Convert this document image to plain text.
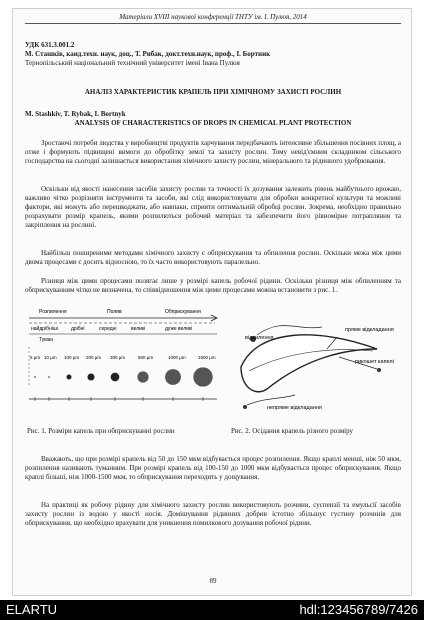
Матеріали XVIII наукової конференції ТНТУ ім. І. Пулюя, 2014
УДК 631.3.001.2
М. Сташків, канд.техн. наук, доц., Т. Рибак, докт.техн.наук, проф., І. Бортник
Тернопільський національний технічний університет імені Івана Пулюя
АНАЛІЗ ХАРАКТЕРИСТИК КРАПЕЛЬ ПРИ ХІМІЧНОМУ ЗАХИСТІ РОСЛИН
M. Stashkiv, T. Rybak, I. Bortnyk
ANALYSIS OF CHARACTERISTICS OF DROPS IN CHEMICAL PLANT PROTECTION
Зростаючі потреби людства у виробництві продуктів харчування передбачають інтенсивне збільшення посівних площ, а отже і формують підвищені вимоги до обробітку землі та захисту рослин. Тому невід'ємним складником сільського господарства на сьогодні залишається використання хімічного захисту рослин, мінерального та рідинного удобрювання.
Оскільки від якості нанесення засобів захисту рослин та точності їх дозування залежить рівень майбутнього врожаю, важливо чітко розрізняти інструменти та засоби, які слід використовувати для обробки конкретної культури та можливі фактори, які можуть або перешкоджати, або навпаки, сприяти оптимальній обробці рослин. Зокрема, необхідно правильно розрахувати розмір крапель, якими розпилються робочий матеріал та забезпечити його рівномірне потрапляння та закріплення на рослині.
Найбільш поширеними методами хімічного захисту є обприскування та обпилення рослин. Оскільки межа між цими двома процесами є досить відносною, то їх часто використовують паралельно.
Різниця між цими процесами полягає лише у розмірі капель робочої рідини. Оскільки різниця між обпиленням та обприскуванням чітко не визначена, то співвідношення між цими процесами можна встановити з рис. 1.
Розпилення	Полив	Обприскування
найдрібніші	дрібні	середні	великі	дуже великі
Туман
5 μm 10 μm 100 μm 200 μm 300 μm	500 μm	1000 μm	1500 μm
Рис. 1. Розміри капель при обприскуванні рослин
відхилення
пряме відкладання
рикошет капелі
непряме відкладання
Рис. 2. Осідання крапель різного розміру
Вважають, що при розмірі крапель від 50 до 150 мкм відбувається процес розпилення. Якщо краплі менші, ніж 50 мкм, розпилення називають туманним. При розмірі крапель від 100-150 до 1000 мкм відбувається процес обприскування. Якщо краплі більші, ніж 1000-1500 мкм, то обприскування переходить у дощування.
На практиці як робочу рідину для хімічного захисту рослин використовують розчини, суспензії та емульсії засобів захисту рослин із водою у якості носія. Домішування рідинних добрив істотно збільшує густину розчинів для обприскування, що необхідно врахувати для уникнення помилкового дозування робочої рідини.
89
ELARTU	hdl:123456789/7426
